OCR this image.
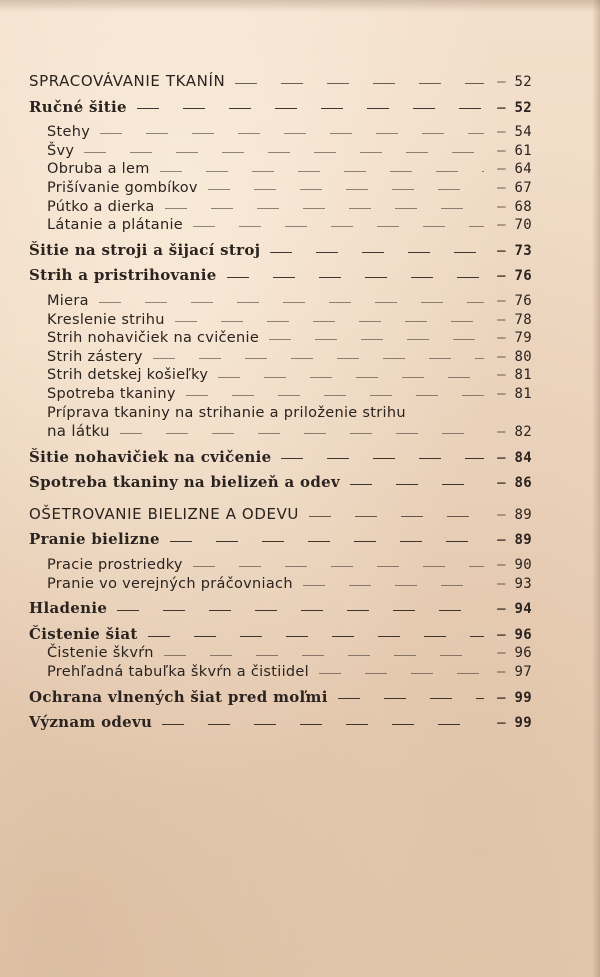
SPRACOVÁVANIE TKANÍN	— 52
Ručné šitie	— 52
Stehy	— 54
Švy	— 61
Obruba a lem	— 64
Prišívanie gombíkov	— 67
Pútko a dierka	— 68
Látanie a plátanie	— 70
Šitie na stroji a šijací stroj	— 73
Strih a pristrihovanie	— 76
Miera	— 76
Kreslenie strihu	— 78
Strih nohavičiek na cvičenie	— 79
Strih zástery	— 80
Strih detskej košieľky	— 81
Spotreba tkaniny	— 81
Príprava tkaniny na strihanie a priloženie strihu
na látku	— 82
Šitie nohavičiek na cvičenie	— 84
Spotreba tkaniny na bielizeň a odev	— 86
OŠETROVANIE BIELIZNE A ODEVU	— 89
Pranie bielizne	— 89
Pracie prostriedky	— 90
Pranie vo verejných práčovniach	— 93
Hladenie	— 94
Čistenie šiat	— 96
Čistenie škvŕn	— 96
Prehľadná tabuľka škvŕn a čistiidel	— 97
Ochrana vlnených šiat pred moľmi	— 99
Význam odevu	— 99
